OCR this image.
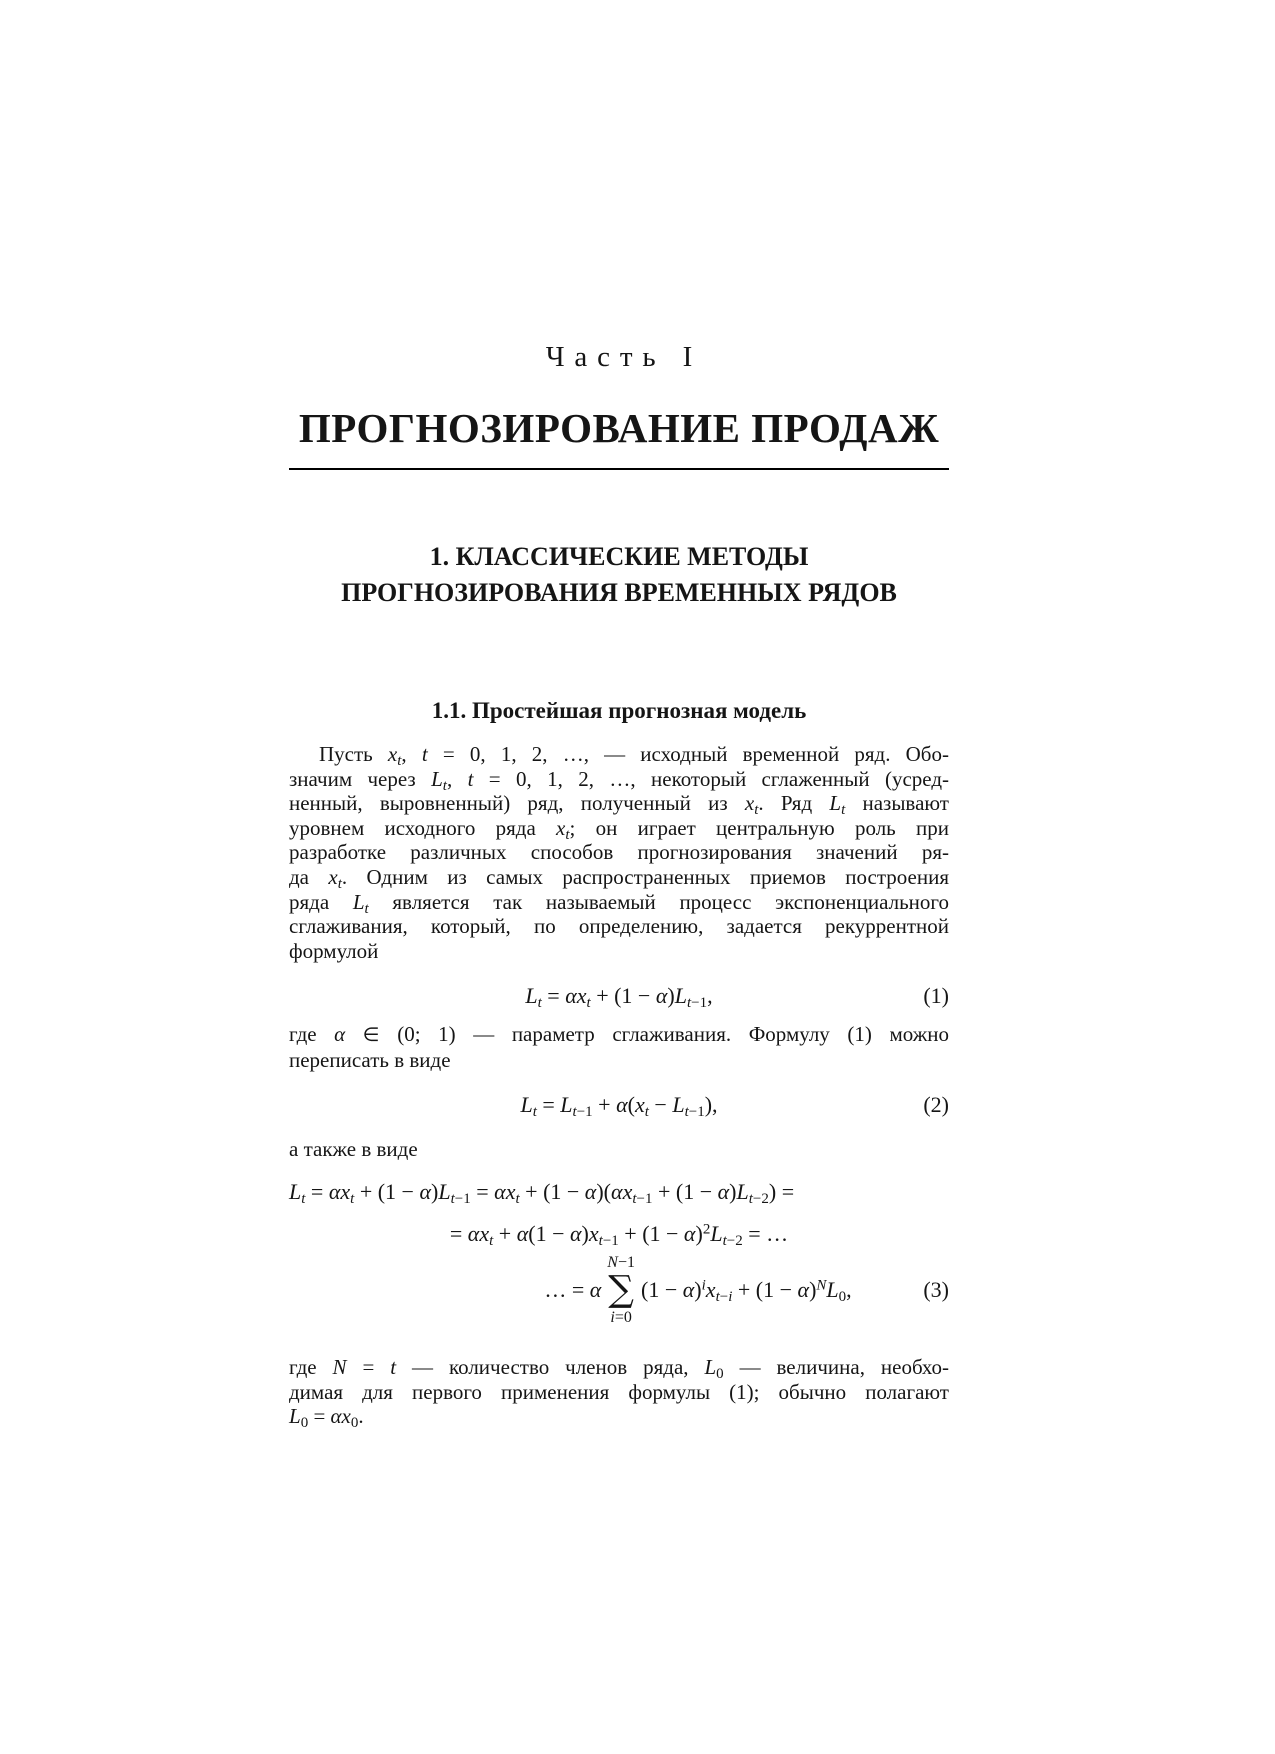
Часть I
ПРОГНОЗИРОВАНИЕ ПРОДАЖ
1. КЛАССИЧЕСКИЕ МЕТОДЫ
ПРОГНОЗИРОВАНИЯ ВРЕМЕННЫХ РЯДОВ
1.1. Простейшая прогнозная модель
Пусть $x_t$, t = 0, 1, 2, …, — исходный временной ряд. Обо-
значим через $L_t$, t = 0, 1, 2, …, некоторый сглаженный (усред-
ненный, выровненный) ряд, полученный из $x_t$. Ряд $L_t$ называют
уровнем исходного ряда $x_t$; он играет центральную роль при
разработке различных способов прогнозирования значений ря-
да $x_t$. Одним из самых распространенных приемов построения
ряда $L_t$ является так называемый процесс экспоненциального
сглаживания, который, по определению, задается рекуррентной
формулой
$L_t = \alpha x_t + (1 - \alpha)L_{t-1}$,	(1)
где α ∈ (0; 1) — параметр сглаживания. Формулу (1) можно
переписать в виде
$L_t = L_{t-1} + \alpha(x_t - L_{t-1})$,	(2)
а также в виде
$L_t = \alpha x_t + (1 - \alpha)L_{t-1} = \alpha x_t + (1 - \alpha)(\alpha x_{t-1} + (1 - \alpha)L_{t-2})$ =
= $\alpha x_t + \alpha(1 - \alpha)x_{t-1} + (1 - \alpha)^2L_{t-2}$ = …
… = α
N−1
∑
i=0
$(1 - \alpha)^ix_{t-i} + (1 - \alpha)^NL_0$,	(3)
где N = t — количество членов ряда, $L_0$ — величина, необхо-
димая для первого применения формулы (1); обычно полагают
$L_0 = \alpha x_0$.
